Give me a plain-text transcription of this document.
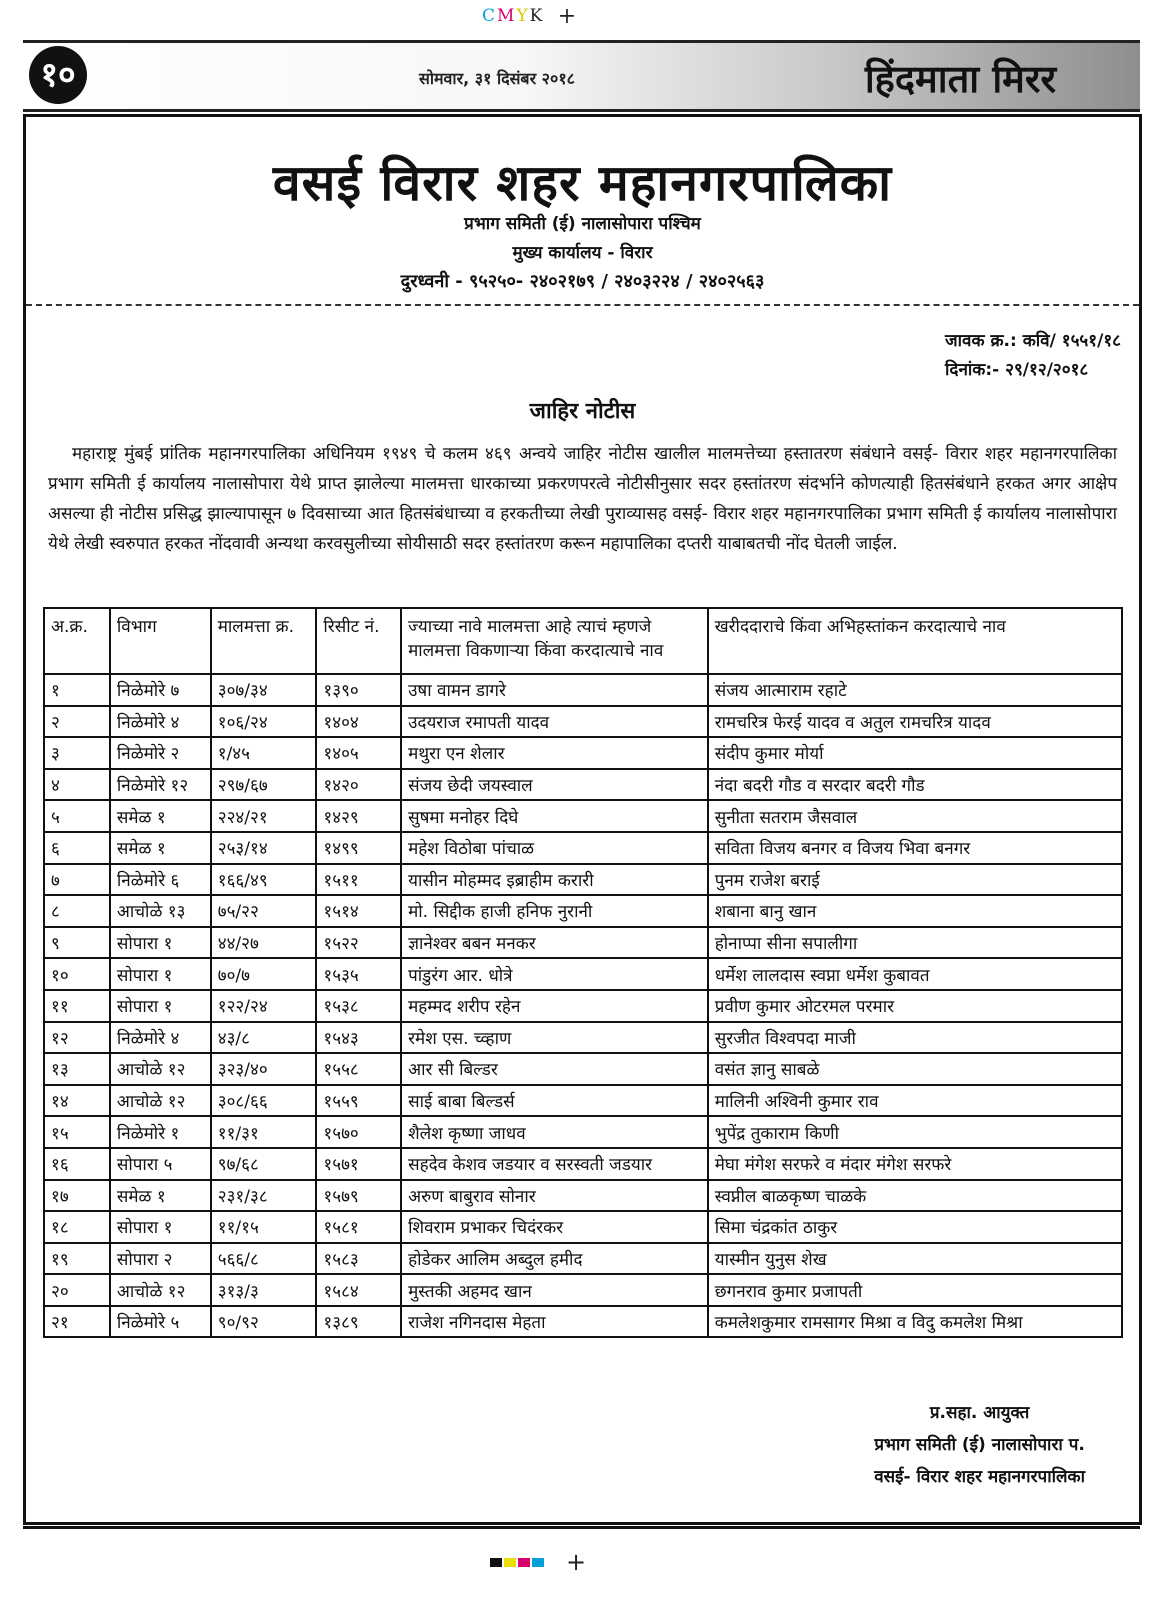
CMYK +
१०	सोमवार, ३१ दिसंबर २०१८	हिंदमाता मिरर
वसई विरार शहर महानगरपालिका
प्रभाग समिती (ई) नालासोपारा पश्चिम
मुख्य कार्यालय - विरार
दुरध्वनी - ९५२५०- २४०२१७९ / २४०३२२४ / २४०२५६३
जावक क्र.: कवि/ १५५१/१८
दिनांक:- २९/१२/२०१८
जाहिर नोटीस
महाराष्ट्र मुंबई प्रांतिक महानगरपालिका अधिनियम १९४९ चे कलम ४६९ अन्वये जाहिर नोटीस खालील मालमत्तेच्या हस्तातरण संबंधाने वसई- विरार शहर महानगरपालिका प्रभाग समिती ई कार्यालय नालासोपारा येथे प्राप्त झालेल्या मालमत्ता धारकाच्या प्रकरणपरत्वे नोटीसीनुसार सदर हस्तांतरण संदर्भाने कोणत्याही हितसंबंधाने हरकत अगर आक्षेप असल्या ही नोटीस प्रसिद्ध झाल्यापासून ७ दिवसाच्या आत हितसंबंधाच्या व हरकतीच्या लेखी पुराव्यासह वसई- विरार शहर महानगरपालिका प्रभाग समिती ई कार्यालय नालासोपारा येथे लेखी स्वरुपात हरकत नोंदवावी अन्यथा करवसुलीच्या सोयीसाठी सदर हस्तांतरण करून महापालिका दप्तरी याबाबतची नोंद घेतली जाईल.
अ.क्र.	विभाग	मालमत्ता क्र.	रिसीट नं.	ज्याच्या नावे मालमत्ता आहे त्याचं म्हणजे मालमत्ता विकणाऱ्या किंवा करदात्याचे नाव	खरीददाराचे किंवा अभिहस्तांकन करदात्याचे नाव
१	निळेमोरे ७	३०७/३४	१३९०	उषा वामन डागरे	संजय आत्माराम रहाटे
२	निळेमोरे ४	१०६/२४	१४०४	उदयराज रमापती यादव	रामचरित्र फेरई यादव व अतुल रामचरित्र यादव
३	निळेमोरे २	१/४५	१४०५	मथुरा एन शेलार	संदीप कुमार मोर्या
४	निळेमोरे १२	२९७/६७	१४२०	संजय छेदी जयस्वाल	नंदा बदरी गौड व सरदार बदरी गौड
५	समेळ १	२२४/२१	१४२९	सुषमा मनोहर दिघे	सुनीता सतराम जैसवाल
६	समेळ १	२५३/१४	१४९९	महेश विठोबा पांचाळ	सविता विजय बनगर व विजय भिवा बनगर
७	निळेमोरे ६	१६६/४९	१५११	यासीन मोहम्मद इब्राहीम करारी	पुनम राजेश बराई
८	आचोळे १३	७५/२२	१५१४	मो. सिद्दीक हाजी हनिफ नुरानी	शबाना बानु खान
९	सोपारा १	४४/२७	१५२२	ज्ञानेश्वर बबन मनकर	होनाप्पा सीना सपालीगा
१०	सोपारा १	७०/७	१५३५	पांडुरंग आर. धोत्रे	धर्मेश लालदास स्वप्ना धर्मेश कुबावत
११	सोपारा १	१२२/२४	१५३८	महम्मद शरीप रहेन	प्रवीण कुमार ओटरमल परमार
१२	निळेमोरे ४	४३/८	१५४३	रमेश एस. च्व्हाण	सुरजीत विश्वपदा माजी
१३	आचोळे १२	३२३/४०	१५५८	आर सी बिल्डर	वसंत ज्ञानु साबळे
१४	आचोळे १२	३०८/६६	१५५९	साई बाबा बिल्डर्स	मालिनी अश्विनी कुमार राव
१५	निळेमोरे १	११/३१	१५७०	शैलेश कृष्णा जाधव	भुपेंद्र तुकाराम किणी
१६	सोपारा ५	९७/६८	१५७१	सहदेव केशव जडयार व सरस्वती जडयार	मेघा मंगेश सरफरे व मंदार मंगेश सरफरे
१७	समेळ १	२३१/३८	१५७९	अरुण बाबुराव सोनार	स्वप्नील बाळकृष्ण चाळके
१८	सोपारा १	११/१५	१५८१	शिवराम प्रभाकर चिदंरकर	सिमा चंद्रकांत ठाकुर
१९	सोपारा २	५६६/८	१५८३	होडेकर आलिम अब्दुल हमीद	यास्मीन युनुस शेख
२०	आचोळे १२	३१३/३	१५८४	मुस्तकी अहमद खान	छगनराव कुमार प्रजापती
२१	निळेमोरे ५	९०/९२	१३८९	राजेश नगिनदास मेहता	कमलेशकुमार रामसागर मिश्रा व विदु कमलेश मिश्रा
प्र.सहा. आयुक्त
प्रभाग समिती (ई) नालासोपारा प.
वसई- विरार शहर महानगरपालिका
+
